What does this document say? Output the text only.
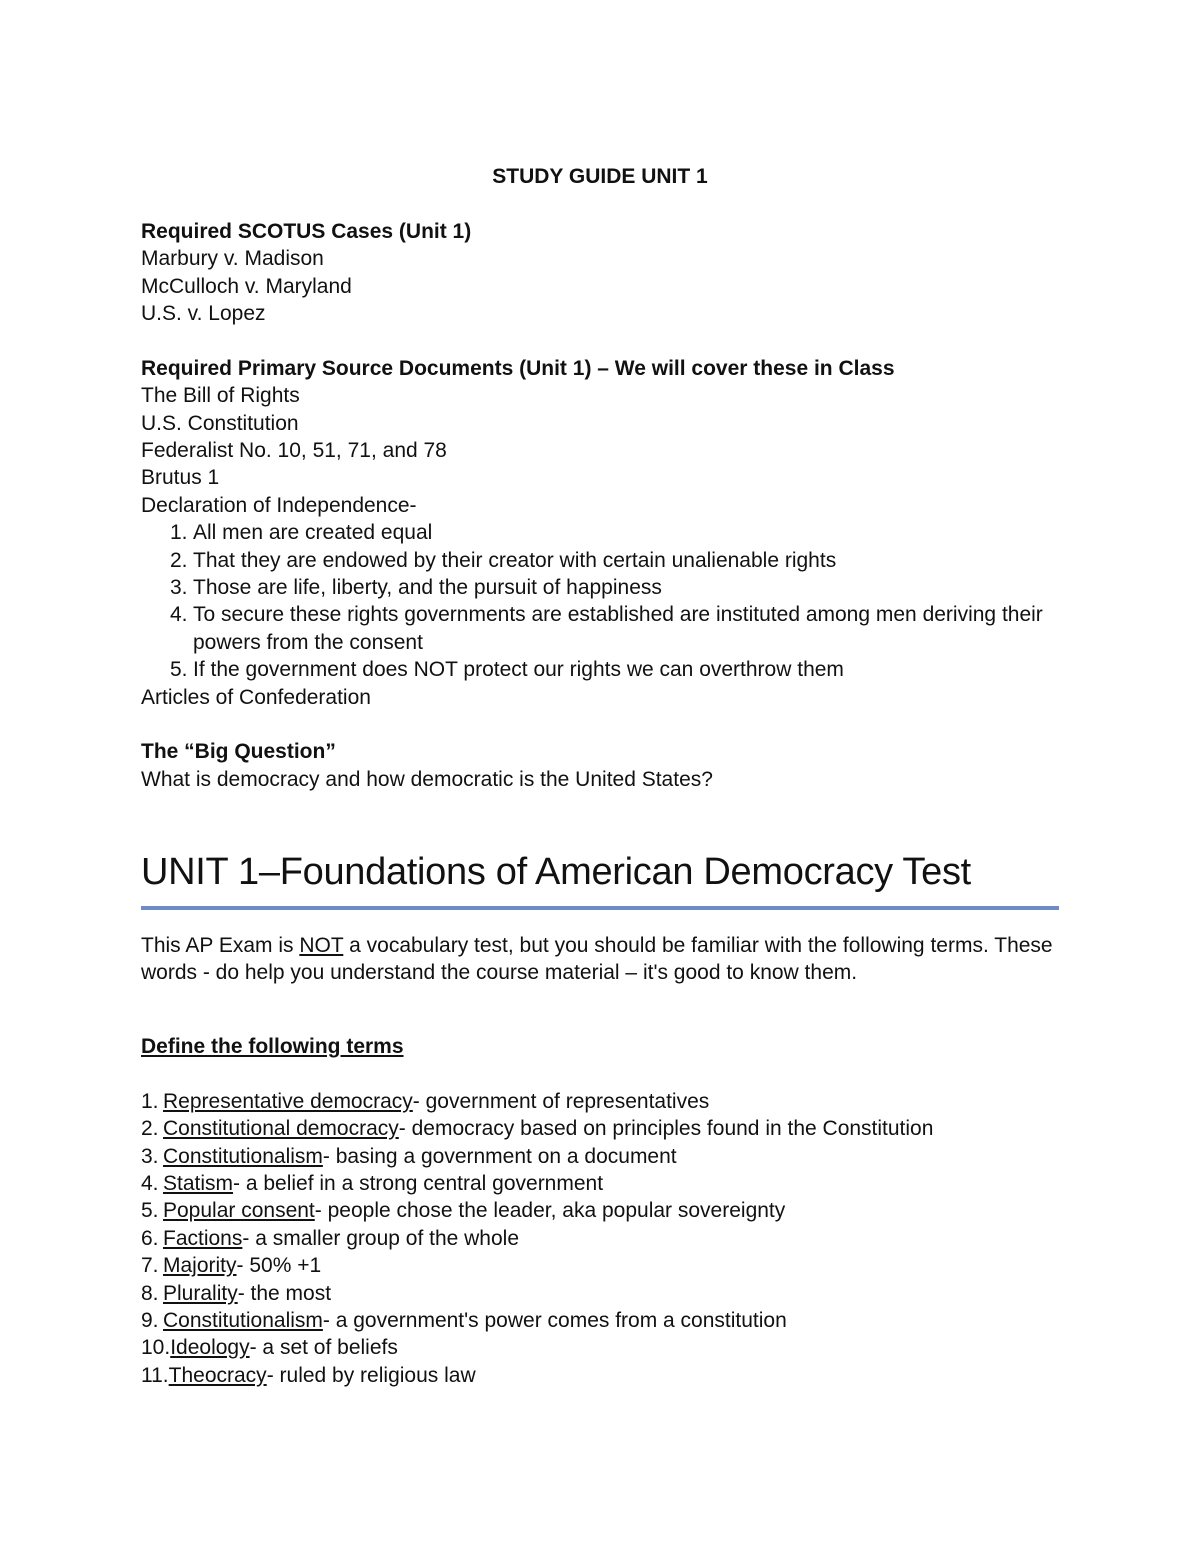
STUDY GUIDE UNIT 1

Required SCOTUS Cases (Unit 1)

Marbury v. Madison

McCulloch v. Maryland

U.S. v. Lopez

Required Primary Source Documents (Unit 1) – We will cover these in Class

The Bill of Rights

U.S. Constitution

Federalist No. 10, 51, 71, and 78

Brutus 1

Declaration of Independence-

1. All men are created equal
2. That they are endowed by their creator with certain unalienable rights
3. Those are life, liberty, and the pursuit of happiness
4. To secure these rights governments are established are instituted among men deriving their powers from the consent
5. If the government does NOT protect our rights we can overthrow them

Articles of Confederation

The “Big Question”

What is democracy and how democratic is the United States?

UNIT 1–Foundations of American Democracy Test

This AP Exam is NOT a vocabulary test, but you should be familiar with the following terms. These words - do help you understand the course material – it's good to know them.

Define the following terms

1. Representative democracy- government of representatives
2. Constitutional democracy- democracy based on principles found in the Constitution
3. Constitutionalism- basing a government on a document
4. Statism- a belief in a strong central government
5. Popular consent- people chose the leader, aka popular sovereignty
6. Factions- a smaller group of the whole
7. Majority- 50% +1
8. Plurality- the most
9. Constitutionalism- a government's power comes from a constitution
10. Ideology- a set of beliefs
11. Theocracy- ruled by religious law
